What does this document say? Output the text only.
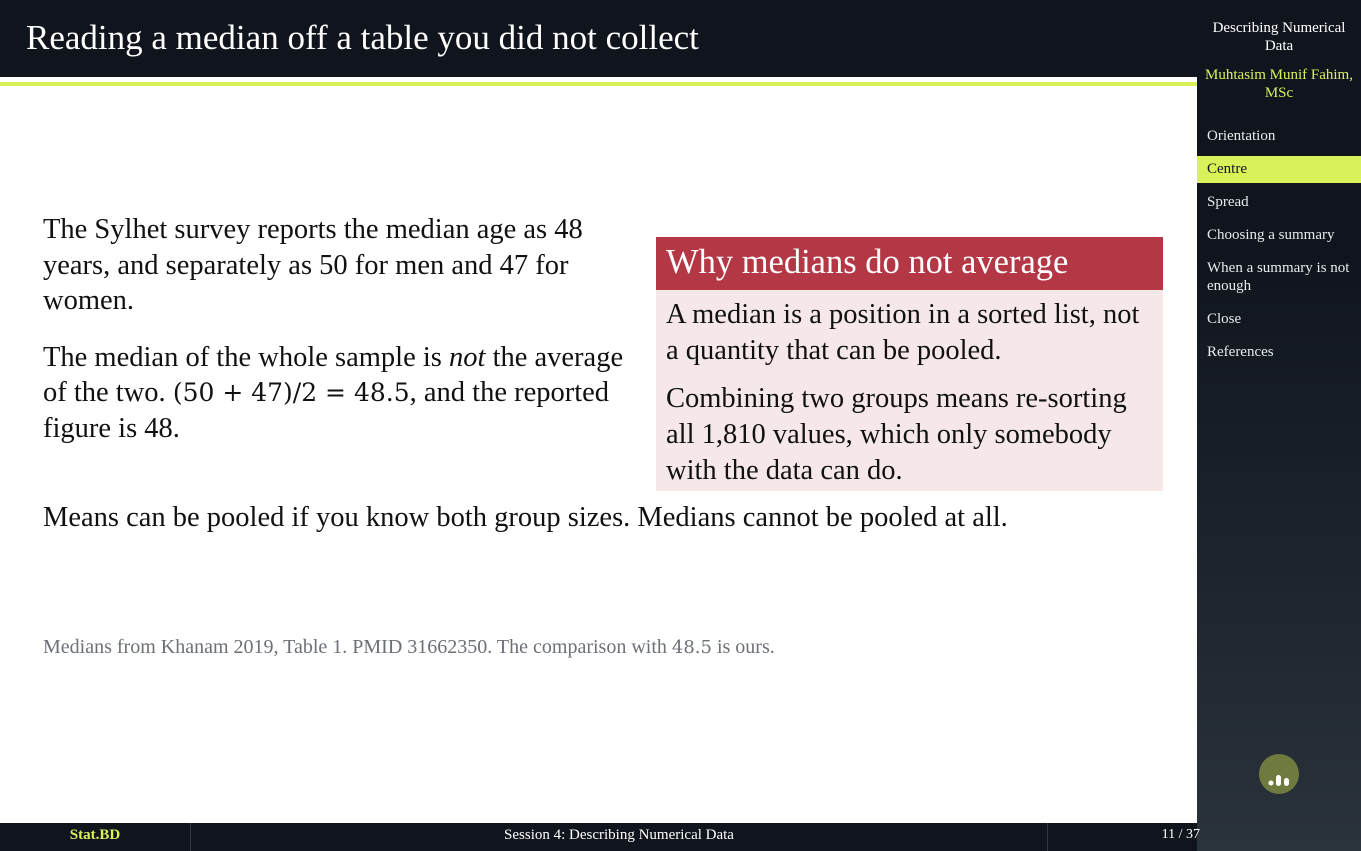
Reading a median off a table you did not collect

The Sylhet survey reports the median age as 48 years, and separately as 50 for men and 47 for women.

The median of the whole sample is not the average of the two. (50 + 47)/2 = 48.5, and the reported figure is 48.

Why medians do not average

A median is a position in a sorted list, not a quantity that can be pooled.

Combining two groups means re-sorting all 1,810 values, which only somebody with the data can do.

Means can be pooled if you know both group sizes. Medians cannot be pooled at all.
Medians from Khanam 2019, Table 1. PMID 31662350. The comparison with 48.5 is ours.
Describing Numerical Data
Muhtasim Munif Fahim, MSc
Orientation
Centre
Spread
Choosing a summary
When a summary is not enough
Close
References
Stat.BD	Session 4: Describing Numerical Data	11 / 37
